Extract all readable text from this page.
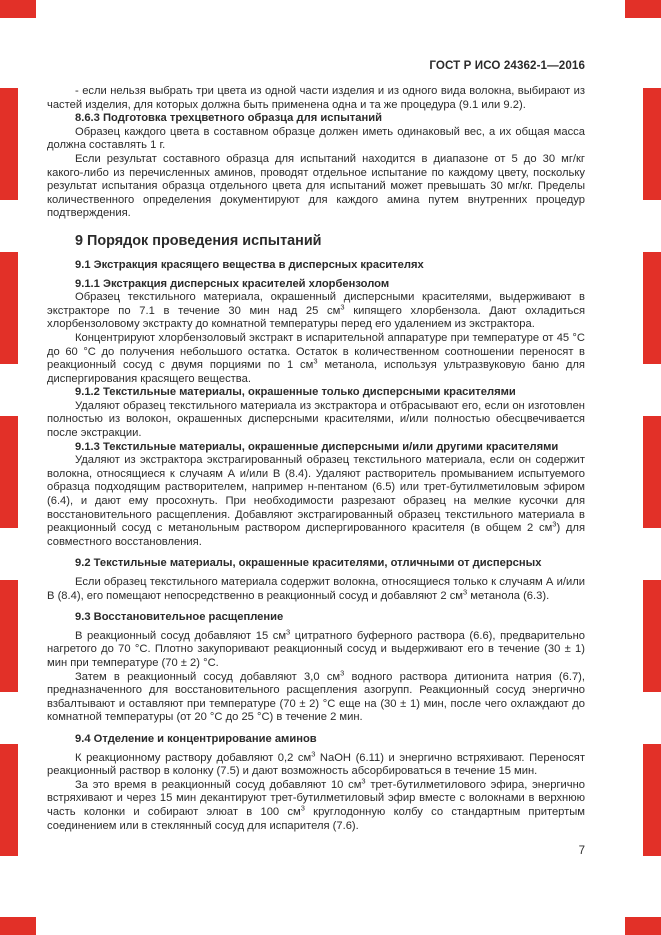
ГОСТ Р ИСО 24362-1—2016

- если нельзя выбрать три цвета из одной части изделия и из одного вида волокна, выбирают из частей изделия, для которых должна быть применена одна и та же процедура (9.1 или 9.2).

8.6.3 Подготовка трехцветного образца для испытаний

Образец каждого цвета в составном образце должен иметь одинаковый вес, а их общая масса должна составлять 1 г.

Если результат составного образца для испытаний находится в диапазоне от 5 до 30 мг/кг какого-либо из перечисленных аминов, проводят отдельное испытание по каждому цвету, поскольку результат испытания образца отдельного цвета для испытаний может превышать 30 мг/кг. Пределы количественного определения документируют для каждого амина путем внутренних процедур подтверждения.

9 Порядок проведения испытаний

9.1 Экстракция красящего вещества в дисперсных красителях

9.1.1 Экстракция дисперсных красителей хлорбензолом

Образец текстильного материала, окрашенный дисперсными красителями, выдерживают в экстракторе по 7.1 в течение 30 мин над 25 $см^3$ кипящего хлорбензола. Дают охладиться хлорбензоловому экстракту до комнатной температуры перед его удалением из экстрактора.

Концентрируют хлорбензоловый экстракт в испарительной аппаратуре при температуре от 45 °С до 60 °С до получения небольшого остатка. Остаток в количественном соотношении переносят в реакционный сосуд с двумя порциями по 1 $см^3$ метанола, используя ультразвуковую баню для диспергирования красящего вещества.

9.1.2 Текстильные материалы, окрашенные только дисперсными красителями

Удаляют образец текстильного материала из экстрактора и отбрасывают его, если он изготовлен полностью из волокон, окрашенных дисперсными красителями, и/или полностью обесцвечивается после экстракции.

9.1.3 Текстильные материалы, окрашенные дисперсными и/или другими красителями

Удаляют из экстрактора экстрагированный образец текстильного материала, если он содержит волокна, относящиеся к случаям А и/или В (8.4). Удаляют растворитель промыванием испытуемого образца подходящим растворителем, например н-пентаном (6.5) или трет-бутилметиловым эфиром (6.4), и дают ему просохнуть. При необходимости разрезают образец на мелкие кусочки для восстановительного расщепления. Добавляют экстрагированный образец текстильного материала в реакционный сосуд с метанольным раствором диспергированного красителя (в общем 2 $см^3$) для совместного восстановления.

9.2 Текстильные материалы, окрашенные красителями, отличными от дисперсных

Если образец текстильного материала содержит волокна, относящиеся только к случаям А и/или В (8.4), его помещают непосредственно в реакционный сосуд и добавляют 2 $см^3$ метанола (6.3).

9.3 Восстановительное расщепление

В реакционный сосуд добавляют 15 $см^3$ цитратного буферного раствора (6.6), предварительно нагретого до 70 °С. Плотно закупоривают реакционный сосуд и выдерживают его в течение (30 ± 1) мин при температуре (70 ± 2) °С.

Затем в реакционный сосуд добавляют 3,0 $см^3$ водного раствора дитионита натрия (6.7), предназначенного для восстановительного расщепления азогрупп. Реакционный сосуд энергично взбалтывают и оставляют при температуре (70 ± 2) °С еще на (30 ± 1) мин, после чего охлаждают до комнатной температуры (от 20 °С до 25 °С) в течение 2 мин.

9.4 Отделение и концентрирование аминов

К реакционному раствору добавляют 0,2 $см^3$ NaOH (6.11) и энергично встряхивают. Переносят реакционный раствор в колонку (7.5) и дают возможность абсорбироваться в течение 15 мин.

За это время в реакционный сосуд добавляют 10 $см^3$ трет-бутилметилового эфира, энергично встряхивают и через 15 мин декантируют трет-бутилметиловый эфир вместе с волокнами в верхнюю часть колонки и собирают элюат в 100 $см^3$ круглодонную колбу со стандартным притертым соединением или в стеклянный сосуд для испарителя (7.6).

7
